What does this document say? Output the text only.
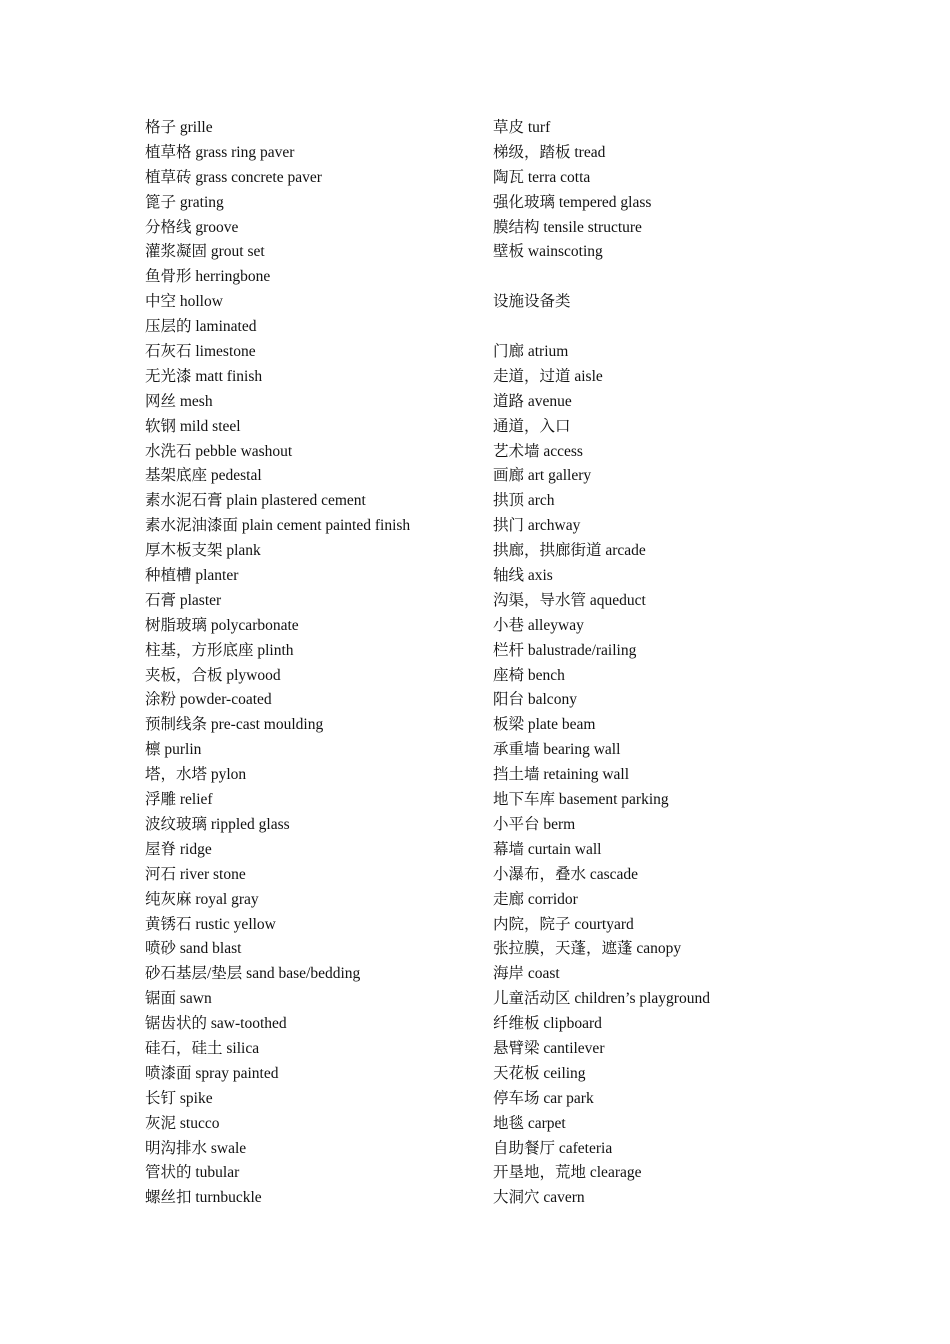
格子 grille
植草格 grass ring paver
植草砖 grass concrete paver
篦子 grating
分格线 groove
灌浆凝固 grout set
鱼骨形 herringbone
中空 hollow
压层的 laminated
石灰石 limestone
无光漆 matt finish
网丝 mesh
软钢 mild steel
水洗石 pebble washout
基架底座 pedestal
素水泥石膏 plain plastered cement
素水泥油漆面 plain cement painted finish
厚木板支架 plank
种植槽 planter
石膏 plaster
树脂玻璃 polycarbonate
柱基，方形底座 plinth
夹板，合板 plywood
涂粉 powder-coated
预制线条 pre-cast moulding
檩 purlin
塔，水塔 pylon
浮雕 relief
波纹玻璃 rippled glass
屋脊 ridge
河石 river stone
纯灰麻 royal gray
黄锈石 rustic yellow
喷砂 sand blast
砂石基层/垫层 sand base/bedding
锯面 sawn
锯齿状的 saw-toothed
硅石，硅土 silica
喷漆面 spray painted
长钉 spike
灰泥 stucco
明沟排水 swale
管状的 tubular
螺丝扣 turnbuckle
草皮 turf
梯级，踏板 tread
陶瓦 terra cotta
强化玻璃 tempered glass
膜结构 tensile structure
壁板 wainscoting
设施设备类
门廊 atrium
走道，过道 aisle
道路 avenue
通道，入口
艺术墙 access
画廊 art gallery
拱顶 arch
拱门 archway
拱廊，拱廊街道 arcade
轴线 axis
沟渠，导水管 aqueduct
小巷 alleyway
栏杆 balustrade/railing
座椅 bench
阳台 balcony
板梁 plate beam
承重墙 bearing wall
挡土墙 retaining wall
地下车库 basement parking
小平台 berm
幕墙 curtain wall
小瀑布，叠水 cascade
走廊 corridor
内院，院子 courtyard
张拉膜，天蓬，遮蓬 canopy
海岸 coast
儿童活动区 children’s playground
纤维板 clipboard
悬臂梁 cantilever
天花板 ceiling
停车场 car park
地毯 carpet
自助餐厅 cafeteria
开垦地，荒地 clearage
大洞穴 cavern
